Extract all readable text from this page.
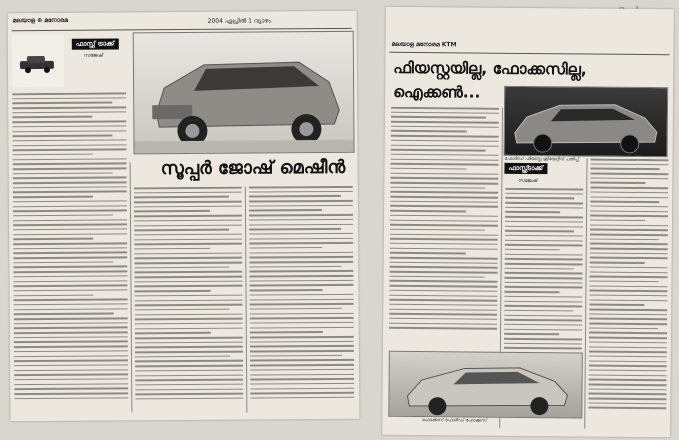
മലയാള ⊕ മനോരമ	2004 ഏപ്രിൽ 1 വ്യാഴം
ഫാസ്റ്റ് ട്രാക്ക്
സജേഷ്
സൂപ്പർ ജോഷ് മെഷീൻ
മലയാള മനോരമ KTM
ഫിയസ്റ്റയില്ല, ഫോക്കസില്ല,
ഐക്കൺ...
ഫോർഡ് ഫിയസ്റ്റ ക്രിയേറ്റീവ് പതിപ്പ്
ഫാസ്റ്റ്ട്രാക്ക്
സജേഷ്
ഫോക്കസ് ഫോർഡ് ഫോക്കസ്
